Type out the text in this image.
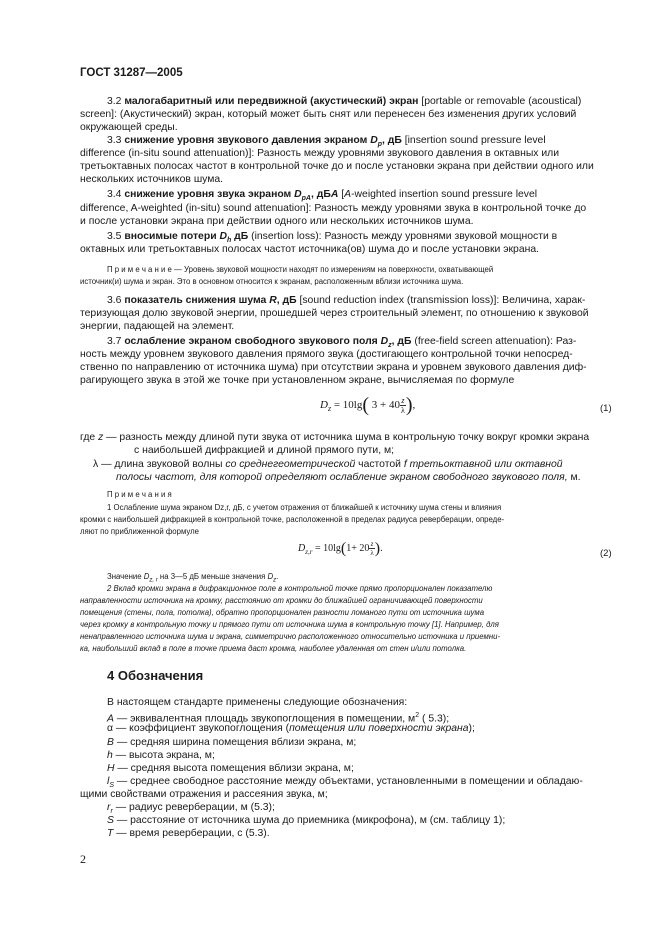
ГОСТ 31287—2005
3.2 малогабаритный или передвижной (акустический) экран [portable or removable (acoustical)
screen]: (Акустический) экран, который может быть снят или перенесен без изменения других условий
окружающей среды.
3.3 снижение уровня звукового давления экраном $D_p$, дБ [insertion sound pressure level
difference (in-situ sound attenuation)]: Разность между уровнями звукового давления в октавных или
третьоктавных полосах частот в контрольной точке до и после установки экрана при действии одного или
нескольких источников шума.
3.4 снижение уровня звука экраном $D_{pA}$, дБA [A-weighted insertion sound pressure level
difference, A-weighted (in-situ) sound attenuation]: Разность между уровнями звука в контрольной точке до
и после установки экрана при действии одного или нескольких источников шума.
3.5 вносимые потери $D_h$ дБ (insertion loss): Разность между уровнями звуковой мощности в
октавных или третьоктавных полосах частот источника(ов) шума до и после установки экрана.
П р и м е ч а н и е — Уровень звуковой мощности находят по измерениям на поверхности, охватывающей
источник(и) шума и экран. Это в основном относится к экранам, расположенным вблизи источника шума.
3.6 показатель снижения шума R, дБ [sound reduction index (transmission loss)]: Величина, харак-
теризующая долю звуковой энергии, прошедшей через строительный элемент, по отношению к звуковой
энергии, падающей на элемент.
3.7 ослабление экраном свободного звукового поля $D_z$, дБ (free-field screen attenuation): Раз-
ность между уровнем звукового давления прямого звука (достигающего контрольной точки непосред-
ственно по направлению от источника шума) при отсутствии экрана и уровнем звукового давления диф-
рагирующего звука в этой же точке при установленном экране, вычисляемая по формуле
$D_z = 10\lg$( $3 + 40\frac{z}{\lambda}$),	(1)
где z — разность между длиной пути звука от источника шума в контрольную точку вокруг кромки экрана
с наибольшей дифракцией и длиной прямого пути, м;
λ — длина звуковой волны со среднегеометрической частотой f третьоктавной или октавной
полосы частот, для которой определяют ослабление экраном свободного звукового поля, м.
П р и м е ч а н и я
1 Ослабление шума экраном Dz,r, дБ, с учетом отражения от ближайшей к источнику шума стены и влияния
кромки с наибольшей дифракцией в контрольной точке, расположенной в пределах радиуса реверберации, опреде-
ляют по приближенной формуле
$D_{z,r} = 10\lg(1+ 20\frac{z}{\lambda})$.	(2)
Значение $D_{z, r}$ на 3—5 дБ меньше значения $D_z$.
2 Вклад кромки экрана в дифракционное поле в контрольной точке прямо пропорционален показателю
направленности источника на кромку, расстоянию от кромки до ближайшей ограничивающей поверхности
помещения (стены, пола, потолка), обратно пропорционален разности ломаного пути от источника шума
через кромку в контрольную точку и прямого пути от источника шума в контрольную точку [1]. Например, для
ненаправленного источника шума и экрана, симметрично расположенного относительно источника и приемни-
ка, наибольший вклад в поле в точке приема даст кромка, наиболее удаленная от стен и/или потолка.
4 Обозначения
В настоящем стандарте применены следующие обозначения:
A — эквивалентная площадь звукопоглощения в помещении, $м^2$ ( 5.3);
α — коэффициент звукопоглощения (помещения или поверхности экрана);
B — средняя ширина помещения вблизи экрана, м;
h — высота экрана, м;
H — средняя высота помещения вблизи экрана, м;
$l_S$ — среднее свободное расстояние между объектами, установленными в помещении и обладаю-
щими свойствами отражения и рассеяния звука, м;
$r_r$ — радиус реверберации, м (5.3);
S — расстояние от источника шума до приемника (микрофона), м (см. таблицу 1);
T — время реверберации, с (5.3).
2
